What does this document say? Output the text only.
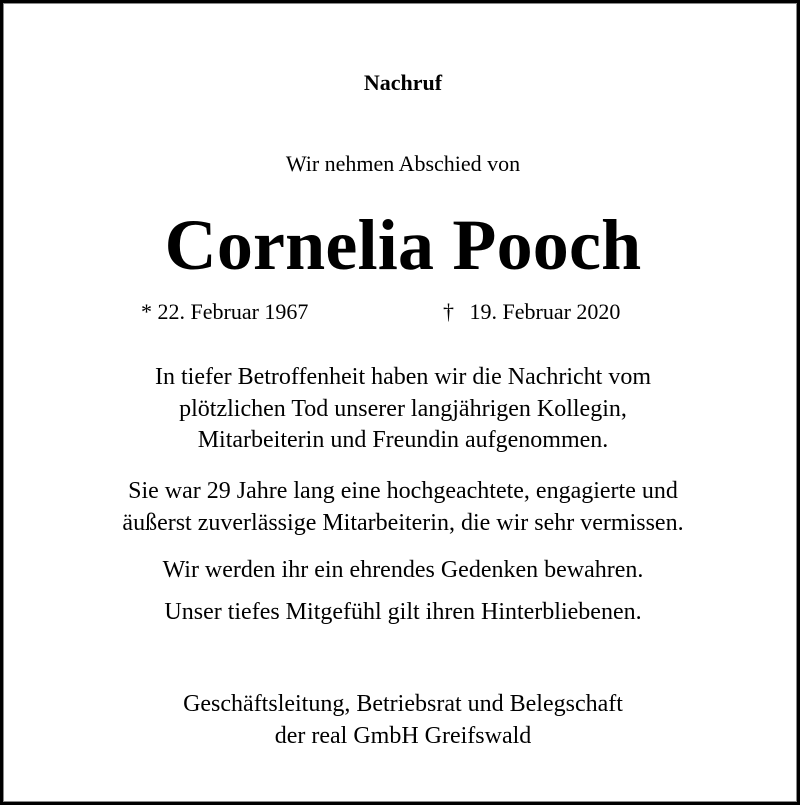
Nachruf

Wir nehmen Abschied von

Cornelia Pooch
* 22. Februar 1967	† 19. Februar 2020
In tiefer Betroffenheit haben wir die Nachricht vom
plötzlichen Tod unserer langjährigen Kollegin,
Mitarbeiterin und Freundin aufgenommen.
Sie war 29 Jahre lang eine hochgeachtete, engagierte und
äußerst zuverlässige Mitarbeiterin, die wir sehr vermissen.
Wir werden ihr ein ehrendes Gedenken bewahren.
Unser tiefes Mitgefühl gilt ihren Hinterbliebenen.
Geschäftsleitung, Betriebsrat und Belegschaft
der real GmbH Greifswald
